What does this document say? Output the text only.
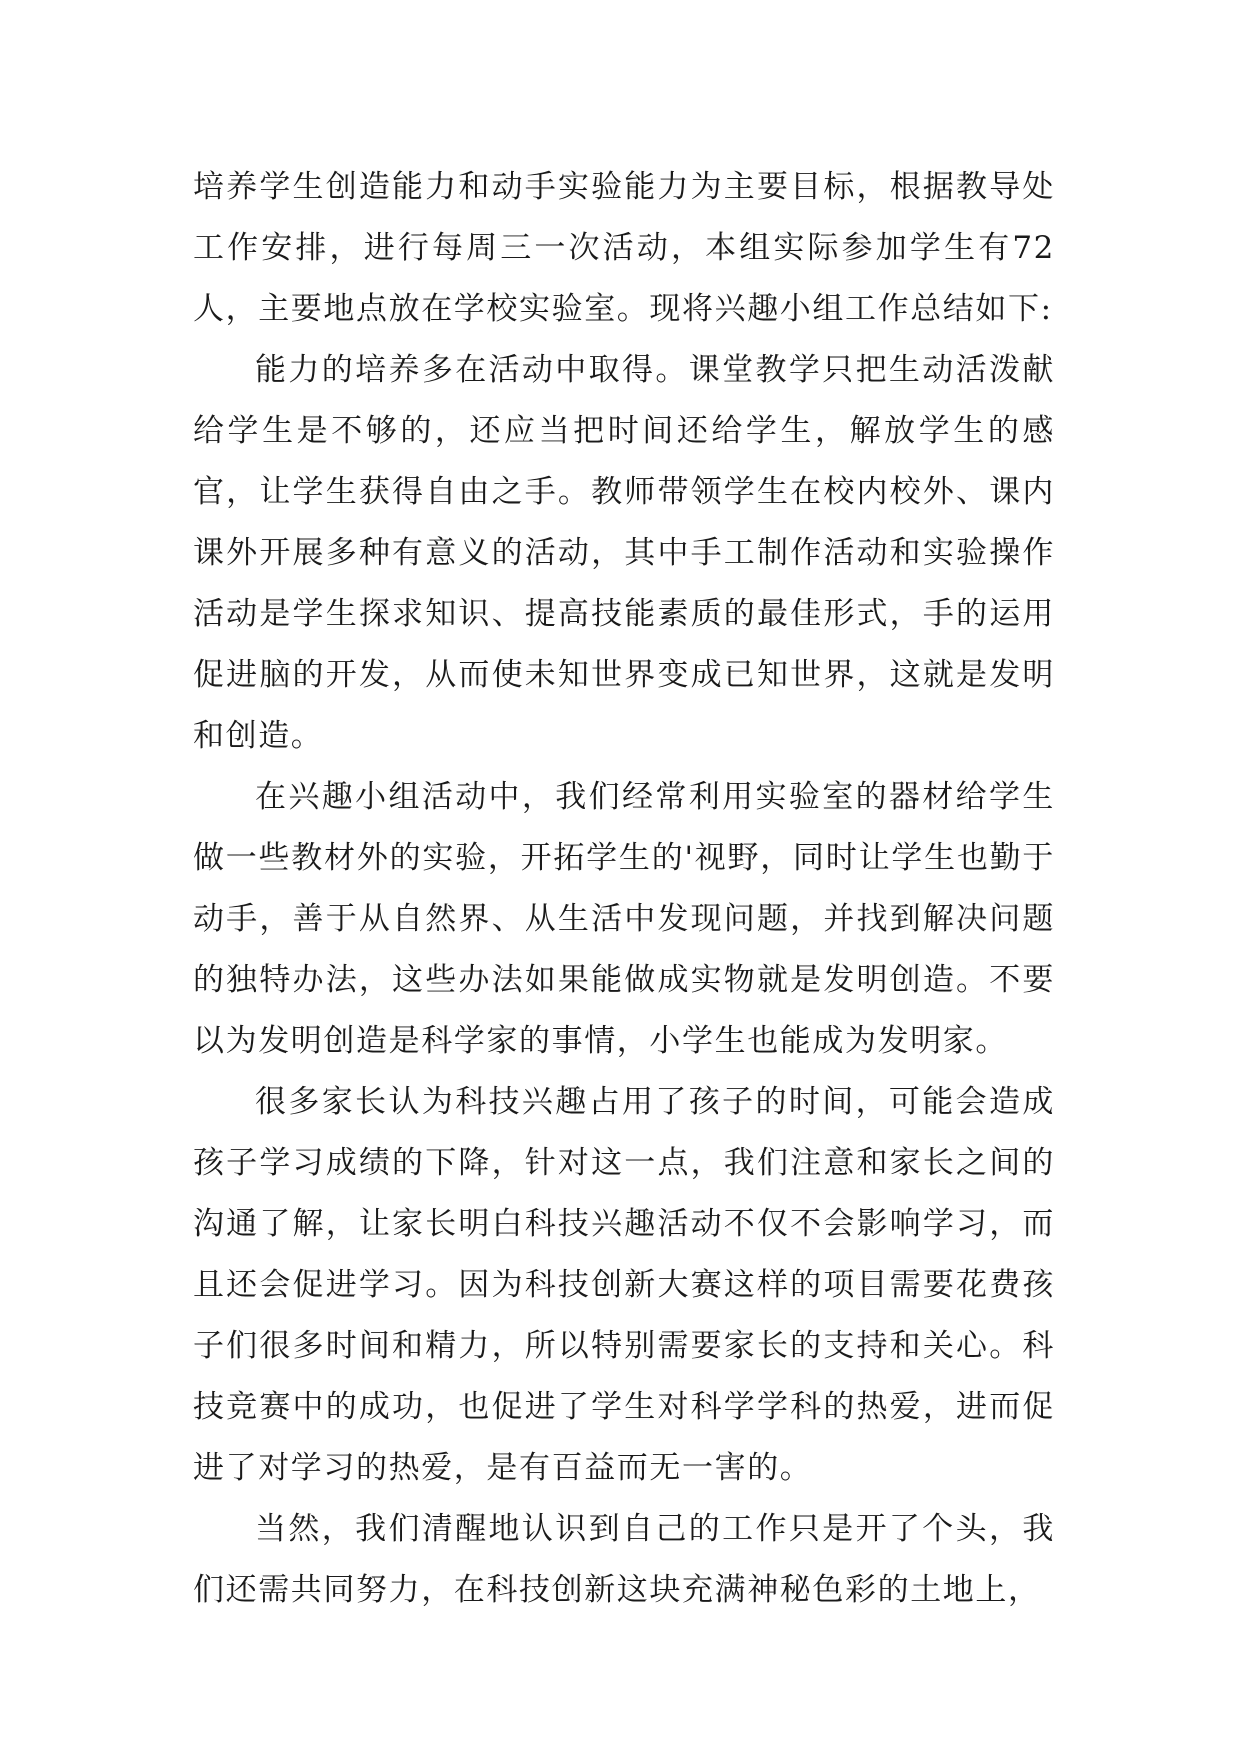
培养学生创造能力和动手实验能力为主要目标，根据教导处工作安排，进行每周三一次活动，本组实际参加学生有72人，主要地点放在学校实验室。现将兴趣小组工作总结如下:

能力的培养多在活动中取得。课堂教学只把生动活泼献给学生是不够的，还应当把时间还给学生，解放学生的感官，让学生获得自由之手。教师带领学生在校内校外、课内课外开展多种有意义的活动，其中手工制作活动和实验操作活动是学生探求知识、提高技能素质的最佳形式，手的运用促进脑的开发，从而使未知世界变成已知世界，这就是发明和创造。

在兴趣小组活动中，我们经常利用实验室的器材给学生做一些教材外的实验，开拓学生的'视野，同时让学生也勤于动手，善于从自然界、从生活中发现问题，并找到解决问题的独特办法，这些办法如果能做成实物就是发明创造。不要以为发明创造是科学家的事情，小学生也能成为发明家。

很多家长认为科技兴趣占用了孩子的时间，可能会造成孩子学习成绩的下降，针对这一点，我们注意和家长之间的沟通了解，让家长明白科技兴趣活动不仅不会影响学习，而且还会促进学习。因为科技创新大赛这样的项目需要花费孩子们很多时间和精力，所以特别需要家长的支持和关心。科技竞赛中的成功，也促进了学生对科学学科的热爱，进而促进了对学习的热爱，是有百益而无一害的。

当然，我们清醒地认识到自己的工作只是开了个头，我们还需共同努力，在科技创新这块充满神秘色彩的土地上，
